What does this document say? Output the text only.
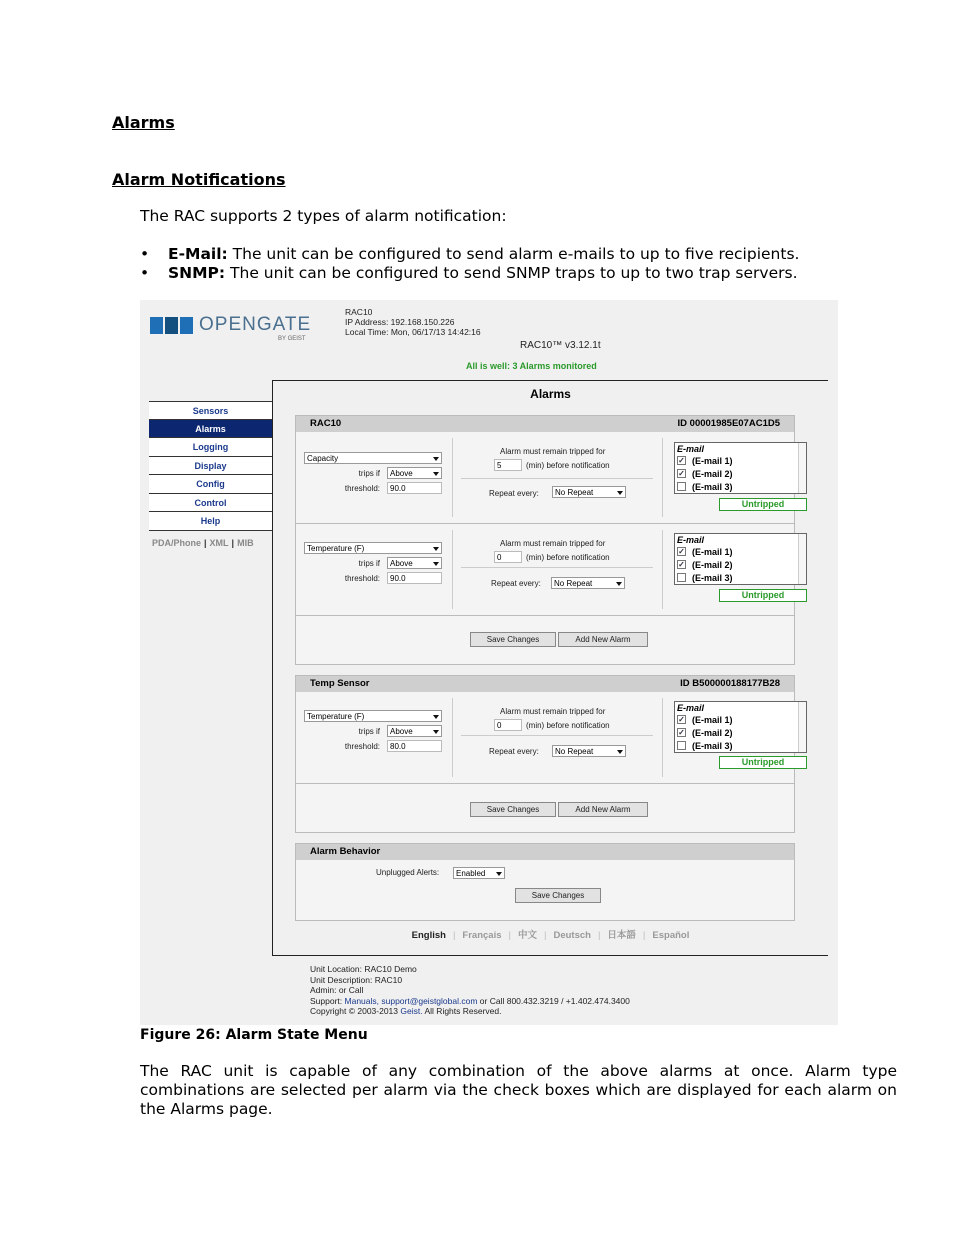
Alarms
Alarm Notifications
The RAC supports 2 types of alarm notification:
• E-Mail: The unit can be configured to send alarm e-mails to up to five recipients.
• SNMP: The unit can be configured to send SNMP traps to up to two trap servers.
OPENGATE
BY GEIST
RAC10
IP Address: 192.168.150.226
Local Time: Mon, 06/17/13 14:42:16
RAC10™ v3.12.1t
All is well: 3 Alarms monitored
Sensors
Alarms
Logging
Display
Config
Control
Help
PDA/Phone | XML | MIB
Alarms
RAC10	ID 00001985E07AC1D5
Capacity
trips if	Above
threshold:	90.0
Alarm must remain tripped for
5	(min) before notification
Repeat every:	No Repeat
E-mail
✓ (E-mail 1)
✓ (E-mail 2)
(E-mail 3)
Untripped
Temperature (F)
trips if	Above
threshold:	90.0
Alarm must remain tripped for
0	(min) before notification
Repeat every:	No Repeat
E-mail
✓ (E-mail 1)
✓ (E-mail 2)
(E-mail 3)
Untripped
Save Changes	Add New Alarm
Temp Sensor	ID B500000188177B28
Temperature (F)
trips if	Above
threshold:	80.0
Alarm must remain tripped for
0	(min) before notification
Repeat every:	No Repeat
E-mail
✓ (E-mail 1)
✓ (E-mail 2)
(E-mail 3)
Untripped
Save Changes	Add New Alarm
Alarm Behavior
Unplugged Alerts:	Enabled
Save Changes
English | Français | 中文 | Deutsch | 日本語 | Español
Unit Location: RAC10 Demo
Unit Description: RAC10
Admin: or Call
Support: Manuals, support@geistglobal.com or Call 800.432.3219 / +1.402.474.3400
Copyright © 2003-2013 Geist. All Rights Reserved.
Figure 26: Alarm State Menu
The RAC unit is capable of any combination of the above alarms at once. Alarm type combinations are selected per alarm via the check boxes which are displayed for each alarm on the Alarms page.
